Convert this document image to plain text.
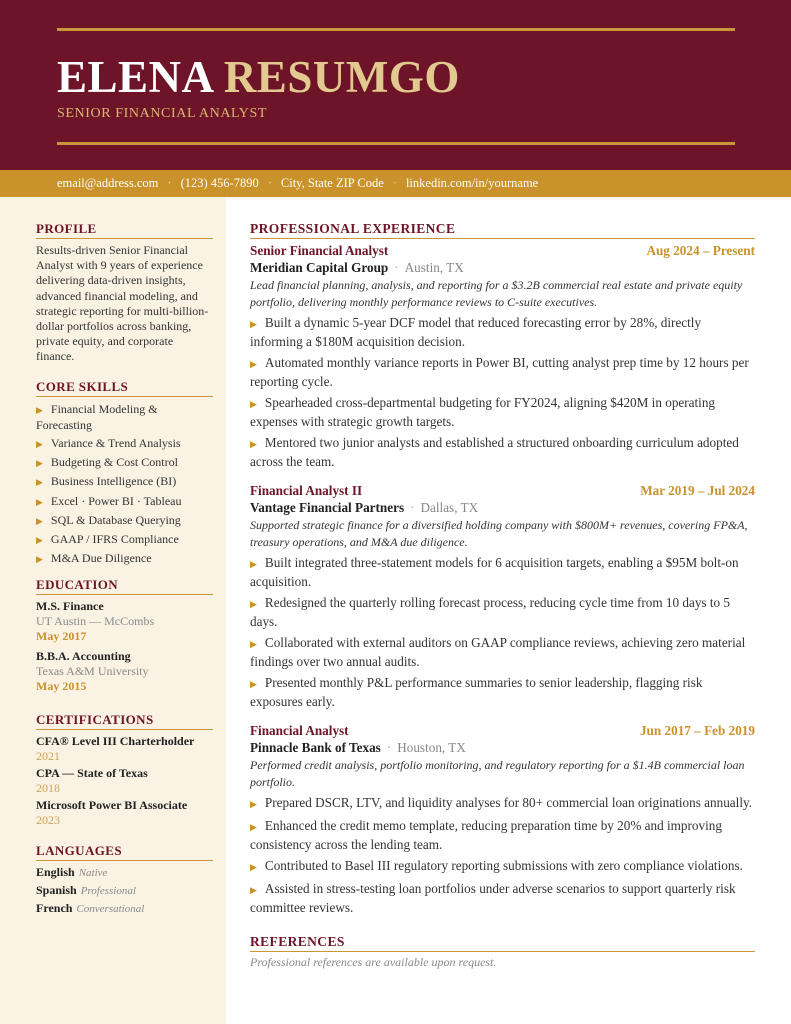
ELENA RESUMGO
SENIOR FINANCIAL ANALYST
email@address.com · (123) 456-7890 · City, State ZIP Code · linkedin.com/in/yourname
PROFILE
Results-driven Senior Financial Analyst with 9 years of experience delivering data-driven insights, advanced financial modeling, and strategic reporting for multi-billion-dollar portfolios across banking, private equity, and corporate finance.
CORE SKILLS
▶ Financial Modeling & Forecasting
▶ Variance & Trend Analysis
▶ Budgeting & Cost Control
▶ Business Intelligence (BI)
▶ Excel · Power BI · Tableau
▶ SQL & Database Querying
▶ GAAP / IFRS Compliance
▶ M&A Due Diligence
EDUCATION
M.S. Finance
UT Austin — McCombs
May 2017
B.B.A. Accounting
Texas A&M University
May 2015
CERTIFICATIONS
CFA® Level III Charterholder
2021
CPA — State of Texas
2018
Microsoft Power BI Associate
2023
LANGUAGES
English Native
Spanish Professional
French Conversational
PROFESSIONAL EXPERIENCE
Senior Financial Analyst	Aug 2024 – Present
Meridian Capital Group · Austin, TX
Lead financial planning, analysis, and reporting for a $3.2B commercial real estate and private equity portfolio, delivering monthly performance reviews to C-suite executives.
▶ Built a dynamic 5-year DCF model that reduced forecasting error by 28%, directly informing a $180M acquisition decision.
▶ Automated monthly variance reports in Power BI, cutting analyst prep time by 12 hours per reporting cycle.
▶ Spearheaded cross-departmental budgeting for FY2024, aligning $420M in operating expenses with strategic growth targets.
▶ Mentored two junior analysts and established a structured onboarding curriculum adopted across the team.
Financial Analyst II	Mar 2019 – Jul 2024
Vantage Financial Partners · Dallas, TX
Supported strategic finance for a diversified holding company with $800M+ revenues, covering FP&A, treasury operations, and M&A due diligence.
▶ Built integrated three-statement models for 6 acquisition targets, enabling a $95M bolt-on acquisition.
▶ Redesigned the quarterly rolling forecast process, reducing cycle time from 10 days to 5 days.
▶ Collaborated with external auditors on GAAP compliance reviews, achieving zero material findings over two annual audits.
▶ Presented monthly P&L performance summaries to senior leadership, flagging risk exposures early.
Financial Analyst	Jun 2017 – Feb 2019
Pinnacle Bank of Texas · Houston, TX
Performed credit analysis, portfolio monitoring, and regulatory reporting for a $1.4B commercial loan portfolio.
▶ Prepared DSCR, LTV, and liquidity analyses for 80+ commercial loan originations annually.
▶ Enhanced the credit memo template, reducing preparation time by 20% and improving consistency across the lending team.
▶ Contributed to Basel III regulatory reporting submissions with zero compliance violations.
▶ Assisted in stress-testing loan portfolios under adverse scenarios to support quarterly risk committee reviews.
REFERENCES
Professional references are available upon request.
